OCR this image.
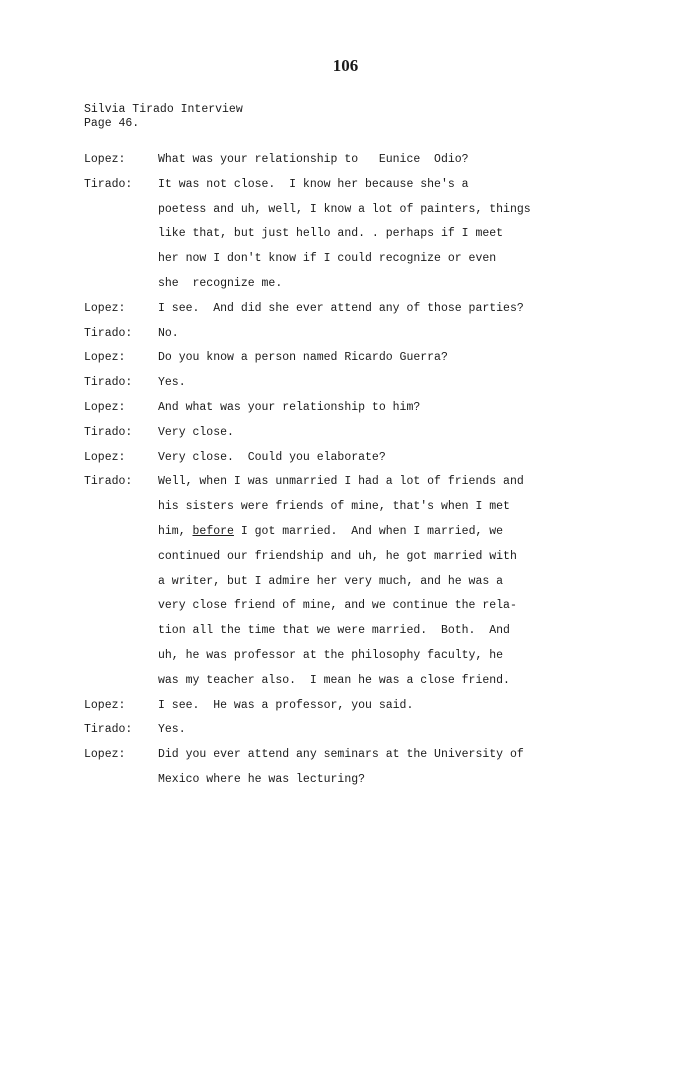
106
Silvia Tirado Interview
Page 46.
Lopez:	What was your relationship to   Eunice  Odio?
Tirado:	It was not close.  I know her because she's a
poetess and uh, well, I know a lot of painters, things
like that, but just hello and. . perhaps if I meet
her now I don't know if I could recognize or even
she  recognize me.
Lopez:	I see.  And did she ever attend any of those parties?
Tirado:	No.
Lopez:	Do you know a person named Ricardo Guerra?
Tirado:	Yes.
Lopez:	And what was your relationship to him?
Tirado:	Very close.
Lopez:	Very close.  Could you elaborate?
Tirado:	Well, when I was unmarried I had a lot of friends and
his sisters were friends of mine, that's when I met
him, before I got married.  And when I married, we
continued our friendship and uh, he got married with
a writer, but I admire her very much, and he was a
very close friend of mine, and we continue the rela-
tion all the time that we were married.  Both.  And
uh, he was professor at the philosophy faculty, he
was my teacher also.  I mean he was a close friend.
Lopez:	I see.  He was a professor, you said.
Tirado:	Yes.
Lopez:	Did you ever attend any seminars at the University of
Mexico where he was lecturing?
